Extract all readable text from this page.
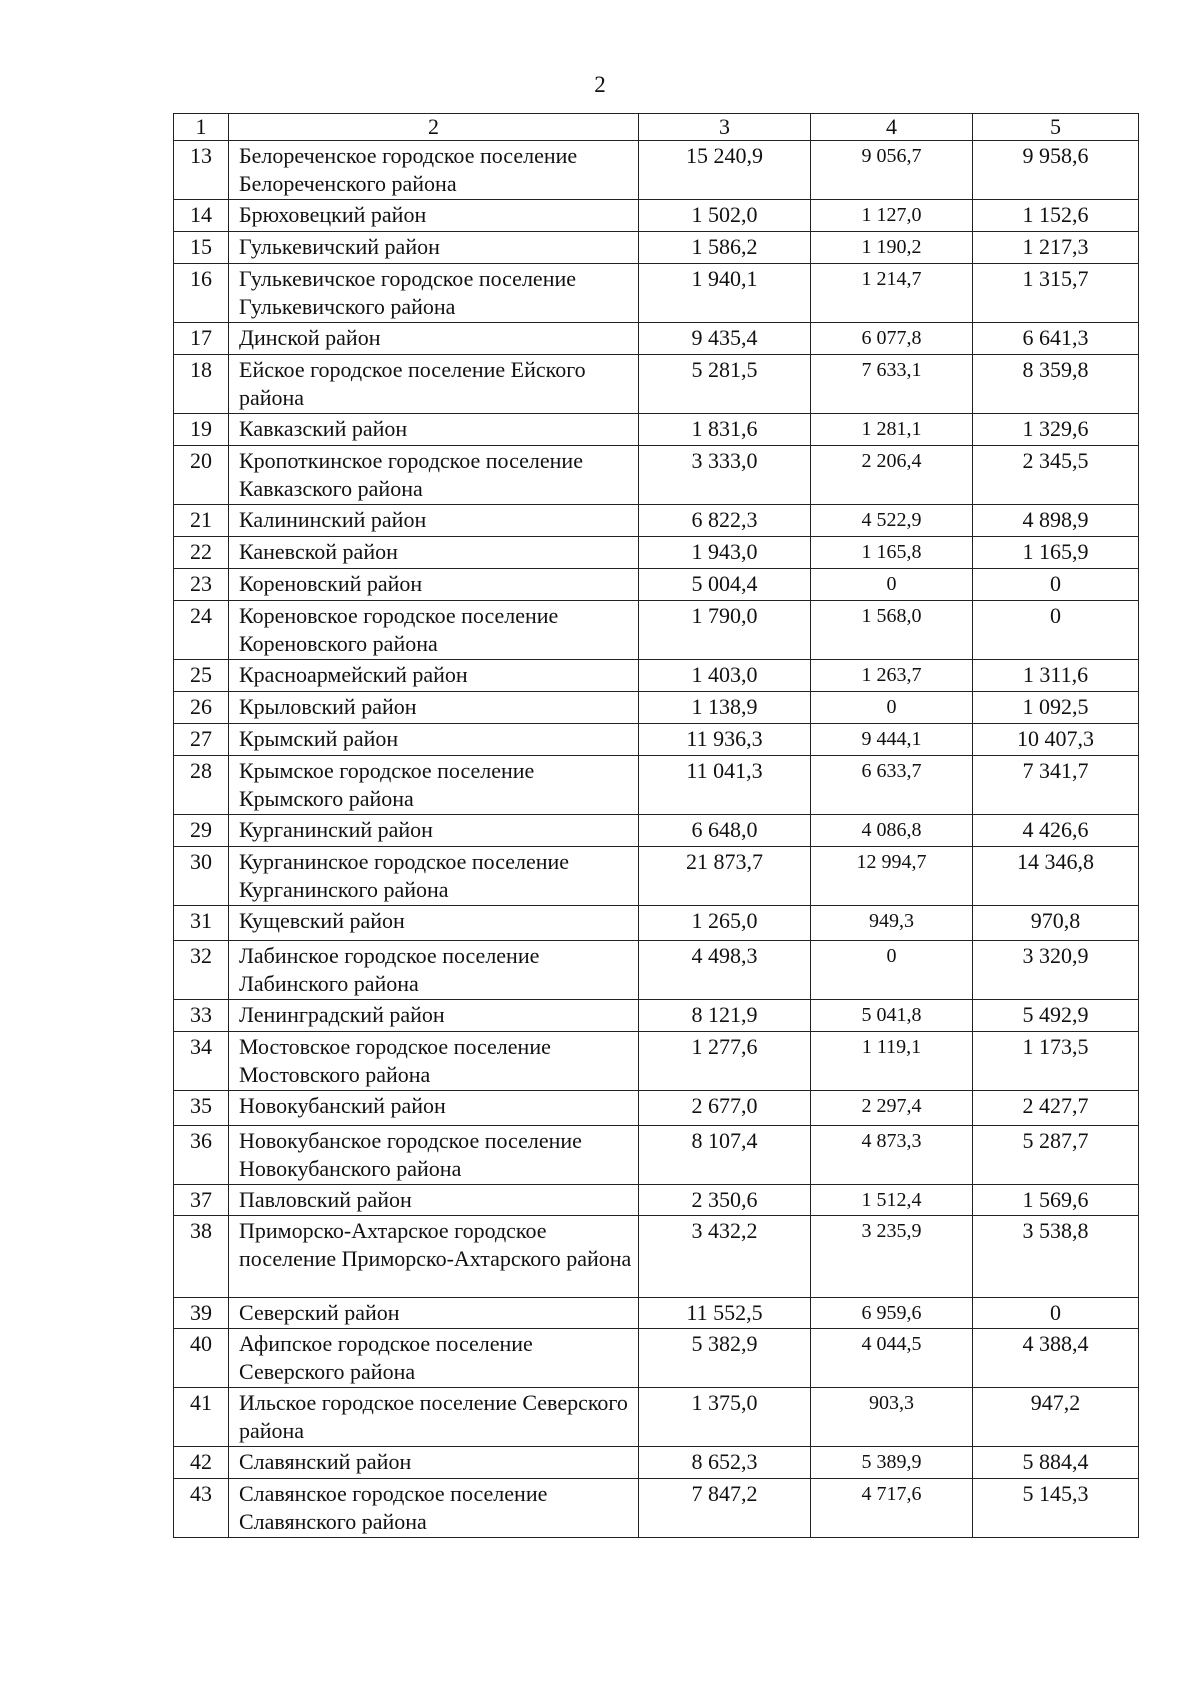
2
1	2	3	4	5
13	Белореченское городское поселение Белореченского района	15 240,9	9 056,7	9 958,6
14	Брюховецкий район	1 502,0	1 127,0	1 152,6
15	Гулькевичский район	1 586,2	1 190,2	1 217,3
16	Гулькевичское городское поселение Гулькевичского района	1 940,1	1 214,7	1 315,7
17	Динской район	9 435,4	6 077,8	6 641,3
18	Ейское городское поселение Ейского района	5 281,5	7 633,1	8 359,8
19	Кавказский район	1 831,6	1 281,1	1 329,6
20	Кропоткинское городское поселение Кавказского района	3 333,0	2 206,4	2 345,5
21	Калининский район	6 822,3	4 522,9	4 898,9
22	Каневской район	1 943,0	1 165,8	1 165,9
23	Кореновский район	5 004,4	0	0
24	Кореновское городское поселение Кореновского района	1 790,0	1 568,0	0
25	Красноармейский район	1 403,0	1 263,7	1 311,6
26	Крыловский район	1 138,9	0	1 092,5
27	Крымский район	11 936,3	9 444,1	10 407,3
28	Крымское городское поселение Крымского района	11 041,3	6 633,7	7 341,7
29	Курганинский район	6 648,0	4 086,8	4 426,6
30	Курганинское городское поселение Курганинского района	21 873,7	12 994,7	14 346,8
31	Кущевский район	1 265,0	949,3	970,8
32	Лабинское городское поселение Лабинского района	4 498,3	0	3 320,9
33	Ленинградский район	8 121,9	5 041,8	5 492,9
34	Мостовское городское поселение Мостовского района	1 277,6	1 119,1	1 173,5
35	Новокубанский район	2 677,0	2 297,4	2 427,7
36	Новокубанское городское поселение Новокубанского района	8 107,4	4 873,3	5 287,7
37	Павловский район	2 350,6	1 512,4	1 569,6
38	Приморско-Ахтарское городское поселение Приморско-Ахтарского района	3 432,2	3 235,9	3 538,8
39	Северский район	11 552,5	6 959,6	0
40	Афипское городское поселение Северского района	5 382,9	4 044,5	4 388,4
41	Ильское городское поселение Северского района	1 375,0	903,3	947,2
42	Славянский район	8 652,3	5 389,9	5 884,4
43	Славянское городское поселение Славянского района	7 847,2	4 717,6	5 145,3
